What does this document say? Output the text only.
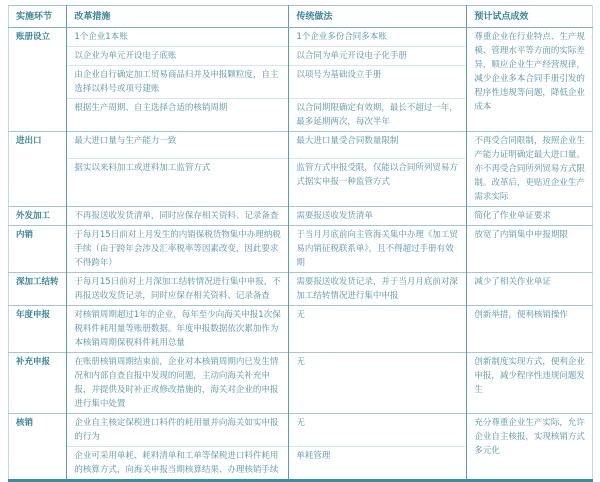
实施环节	改革措施	传统做法	预计试点成效
账册设立	1个企业1本账	1个企业多份合同多本账	尊重企业在行业特点、生产规模、管理水平等方面的实际差异，顺应企业生产经营规律，减少企业多本合同手册引发的程序性违规等问题，降低企业成本
	以企业为单元开设电子底账	以合同为单元开设电子化手册	
	由企业自行确定加工贸易商品归并及申报颗粒度，自主选择以料号或项号建账	以项号为基础设立手册	
	根据生产周期、自主选择合适的核销周期	以合同期限确定有效期，最长不超过一年，最多延期两次，每次半年	
进出口	最大进口量与生产能力一致	最大进口量受合同数量限制	不再受合同限制，按照企业生产能力证明确定最大进口量。亦不再受合同所列贸易方式限制。改革后，更贴近企业生产需求实际
	据实以来料加工或进料加工监管方式	监管方式申报受限，仅能以合同所列贸易方式据实申报一种监管方式	
外发加工	不再报送收发货清单，同时应保存相关资料、记录备查	需要报送收发货清单	简化了作业单证要求
内销	于每月15日前对上月发生的内销保税货物集中办理纳税手续（由于跨年会涉及汇率税率等因素改变，因此要求不得跨年）	于当月月底前向主管海关集中办理《加工贸易内销征税联系单》，且不得超过手册有效期	放宽了内销集中申报期限
深加工结转	于每月15日前对上月深加工结转情况进行集中申报，不再报送收发货记录，同时应保存相关资料、记录备查	需要报送收发货记录，并于当月月底前对深加工结转情况进行集中申报	减少了相关作业单证
年度申报	对核销周期超过1年的企业，每年至少向海关申报1次保税料件耗用量等账册数据。年度申报数据依次累加作为本核销周期保税料件耗用总量	无	创新举措，便利核销操作
补充申报	在账册核销周期结束前，企业对本核销周期内已发生情况和内部自查自报中发现的问题，主动向海关补充申报，并提供及时补正或修改措施的，海关对企业的申报进行集中处置	无	创新制度实现方式，便利企业申报，减少程序性违规问题发生
核销	企业自主核定保税进口料件的耗用量并向海关如实申报的行为	无	充分尊重企业生产实际，允许企业自主核报，实现核销方式多元化
	企业可采用单耗、耗料清单和工单等保税进口料件耗用的核算方式，向海关申报当期核算结果、办理核销手续	单耗管理	
